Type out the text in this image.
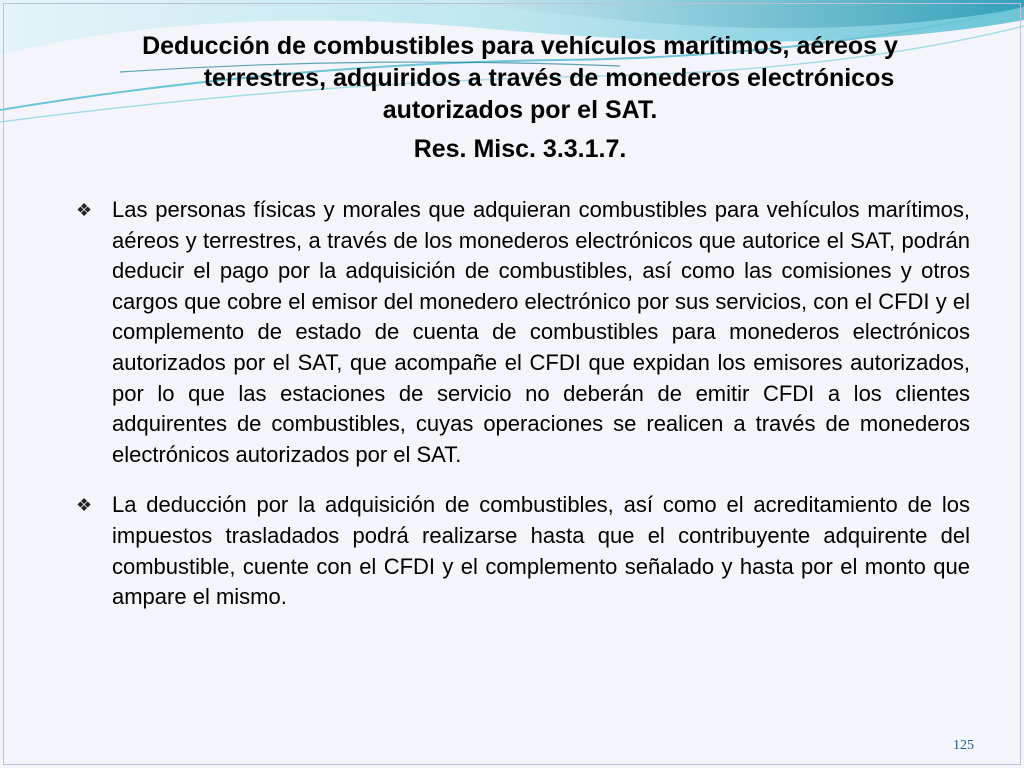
Deducción de combustibles para vehículos marítimos, aéreos y
terrestres, adquiridos a través de monederos electrónicos
autorizados por el SAT.
Res. Misc. 3.3.1.7.
❖ Las personas físicas y morales que adquieran combustibles para vehículos marítimos, aéreos y terrestres, a través de los monederos electrónicos que autorice el SAT, podrán deducir el pago por la adquisición de combustibles, así como las comisiones y otros cargos que cobre el emisor del monedero electrónico por sus servicios, con el CFDI y el complemento de estado de cuenta de combustibles para monederos electrónicos autorizados por el SAT, que acompañe el CFDI que expidan los emisores autorizados, por lo que las estaciones de servicio no deberán de emitir CFDI a los clientes adquirentes de combustibles, cuyas operaciones se realicen a través de monederos electrónicos autorizados por el SAT.
❖ La deducción por la adquisición de combustibles, así como el acreditamiento de los impuestos trasladados podrá realizarse hasta que el contribuyente adquirente del combustible, cuente con el CFDI y el complemento señalado y hasta por el monto que ampare el mismo.
125
